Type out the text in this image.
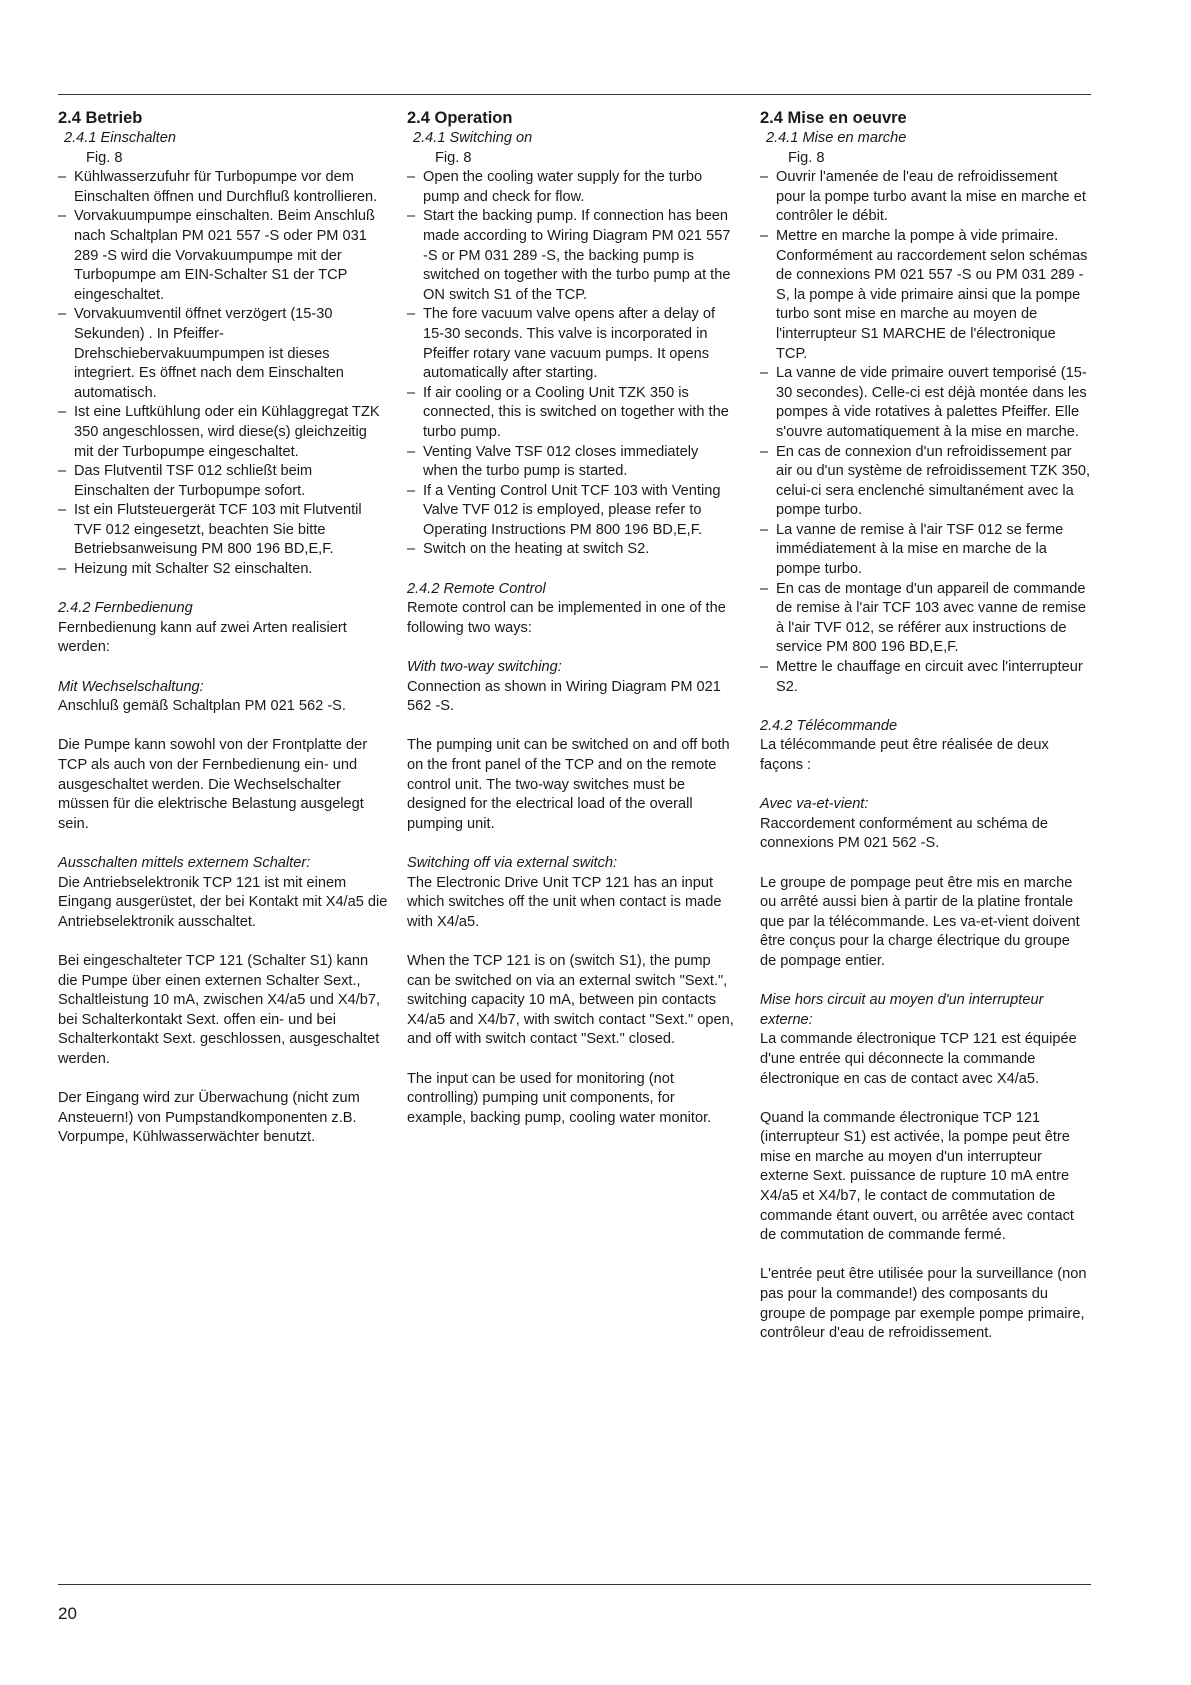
2.4 Betrieb

2.4.1 Einschalten

Fig. 8

– Kühlwasserzufuhr für Turbopumpe vor dem Einschalten öffnen und Durchfluß kontrollieren.

– Vorvakuumpumpe einschalten. Beim Anschluß nach Schaltplan PM 021 557 -S oder PM 031 289 -S wird die Vorvakuumpumpe mit der Turbopumpe am EIN-Schalter S1 der TCP eingeschaltet.

– Vorvakuumventil öffnet verzögert (15-30 Sekunden) . In Pfeiffer-Drehschiebervakuumpumpen ist dieses integriert. Es öffnet nach dem Einschalten automatisch.

– Ist eine Luftkühlung oder ein Kühlaggregat TZK 350 angeschlossen, wird diese(s) gleichzeitig mit der Turbopumpe eingeschaltet.

– Das Flutventil TSF 012 schließt beim Einschalten der Turbopumpe sofort.

– Ist ein Flutsteuergerät TCF 103 mit Flutventil TVF 012 eingesetzt, beachten Sie bitte Betriebsanweisung PM 800 196 BD,E,F.

– Heizung mit Schalter S2 einschalten.

2.4.2 Fernbedienung

Fernbedienung kann auf zwei Arten realisiert werden:

Mit Wechselschaltung:

Anschluß gemäß Schaltplan PM 021 562 -S.

Die Pumpe kann sowohl von der Frontplatte der TCP als auch von der Fernbedienung ein- und ausgeschaltet werden. Die Wechselschalter müssen für die elektrische Belastung ausgelegt sein.

Ausschalten mittels externem Schalter:

Die Antriebselektronik TCP 121 ist mit einem Eingang ausgerüstet, der bei Kontakt mit X4/a5 die Antriebselektronik ausschaltet.

Bei eingeschalteter TCP 121 (Schalter S1) kann die Pumpe über einen externen Schalter Sext., Schaltleistung 10 mA, zwischen X4/a5 und X4/b7, bei Schalterkontakt Sext. offen ein- und bei Schalterkontakt Sext. geschlossen, ausgeschaltet werden.

Der Eingang wird zur Überwachung (nicht zum Ansteuern!) von Pumpstandkomponenten z.B. Vorpumpe, Kühlwasserwächter benutzt.

2.4 Operation

2.4.1 Switching on

Fig. 8

– Open the cooling water supply for the turbo pump and check for flow.

– Start the backing pump. If connection has been made according to Wiring Diagram PM 021 557 -S or PM 031 289 -S, the backing pump is switched on together with the turbo pump at the ON switch S1 of the TCP.

– The fore vacuum valve opens after a delay of 15-30 seconds. This valve is incorporated in Pfeiffer rotary vane vacuum pumps. It opens automatically after starting.

– If air cooling or a Cooling Unit TZK 350 is connected, this is switched on together with the turbo pump.

– Venting Valve TSF 012 closes immediately when the turbo pump is started.

– If a Venting Control Unit TCF 103 with Venting Valve TVF 012 is employed, please refer to Operating Instructions PM 800 196 BD,E,F.

– Switch on the heating at switch S2.

2.4.2 Remote Control

Remote control can be implemented in one of the following two ways:

With two-way switching:

Connection as shown in Wiring Diagram PM 021 562 -S.

The pumping unit can be switched on and off both on the front panel of the TCP and on the remote control unit. The two-way switches must be designed for the electrical load of the overall pumping unit.

Switching off via external switch:

The Electronic Drive Unit TCP 121 has an input which switches off the unit when contact is made with X4/a5.

When the TCP 121 is on (switch S1), the pump can be switched on via an external switch "Sext.", switching capacity 10 mA, between pin contacts X4/a5 and X4/b7, with switch contact "Sext." open, and off with switch contact "Sext." closed.

The input can be used for monitoring (not controlling) pumping unit components, for example, backing pump, cooling water monitor.

2.4 Mise en oeuvre

2.4.1 Mise en marche

Fig. 8

– Ouvrir l'amenée de l'eau de refroidissement pour la pompe turbo avant la mise en marche et contrôler le débit.

– Mettre en marche la pompe à vide primaire. Conformément au raccordement selon schémas de connexions PM 021 557 -S ou PM 031 289 -S, la pompe à vide primaire ainsi que la pompe turbo sont mise en marche au moyen de l'interrupteur S1 MARCHE de l'électronique TCP.

– La vanne de vide primaire ouvert temporisé (15-30 secondes). Celle-ci est déjà montée dans les pompes à vide rotatives à palettes Pfeiffer. Elle s'ouvre automatiquement à la mise en marche.

– En cas de connexion d'un refroidissement par air ou d'un système de refroidissement TZK 350, celui-ci sera enclenché simultanément avec la pompe turbo.

– La vanne de remise à l'air TSF 012 se ferme immédiatement à la mise en marche de la pompe turbo.

– En cas de montage d'un appareil de commande de remise à l'air TCF 103 avec vanne de remise à l'air TVF 012, se référer aux instructions de service PM 800 196 BD,E,F.

– Mettre le chauffage en circuit avec l'interrupteur S2.

2.4.2 Télécommande

La télécommande peut être réalisée de deux façons :

Avec va-et-vient:

Raccordement conformément au schéma de connexions PM 021 562 -S.

Le groupe de pompage peut être mis en marche ou arrêté aussi bien à partir de la platine frontale que par la télécommande. Les va-et-vient doivent être conçus pour la charge électrique du groupe de pompage entier.

Mise hors circuit au moyen d'un interrupteur externe:

La commande électronique TCP 121 est équipée d'une entrée qui déconnecte la commande électronique en cas de contact avec X4/a5.

Quand la commande électronique TCP 121 (interrupteur S1) est activée, la pompe peut être mise en marche au moyen d'un interrupteur externe Sext. puissance de rupture 10 mA entre X4/a5 et X4/b7, le contact de commutation de commande étant ouvert, ou arrêtée avec contact de commutation de commande fermé.

L'entrée peut être utilisée pour la surveillance (non pas pour la commande!) des composants du groupe de pompage par exemple pompe primaire, contrôleur d'eau de refroidissement.

20
